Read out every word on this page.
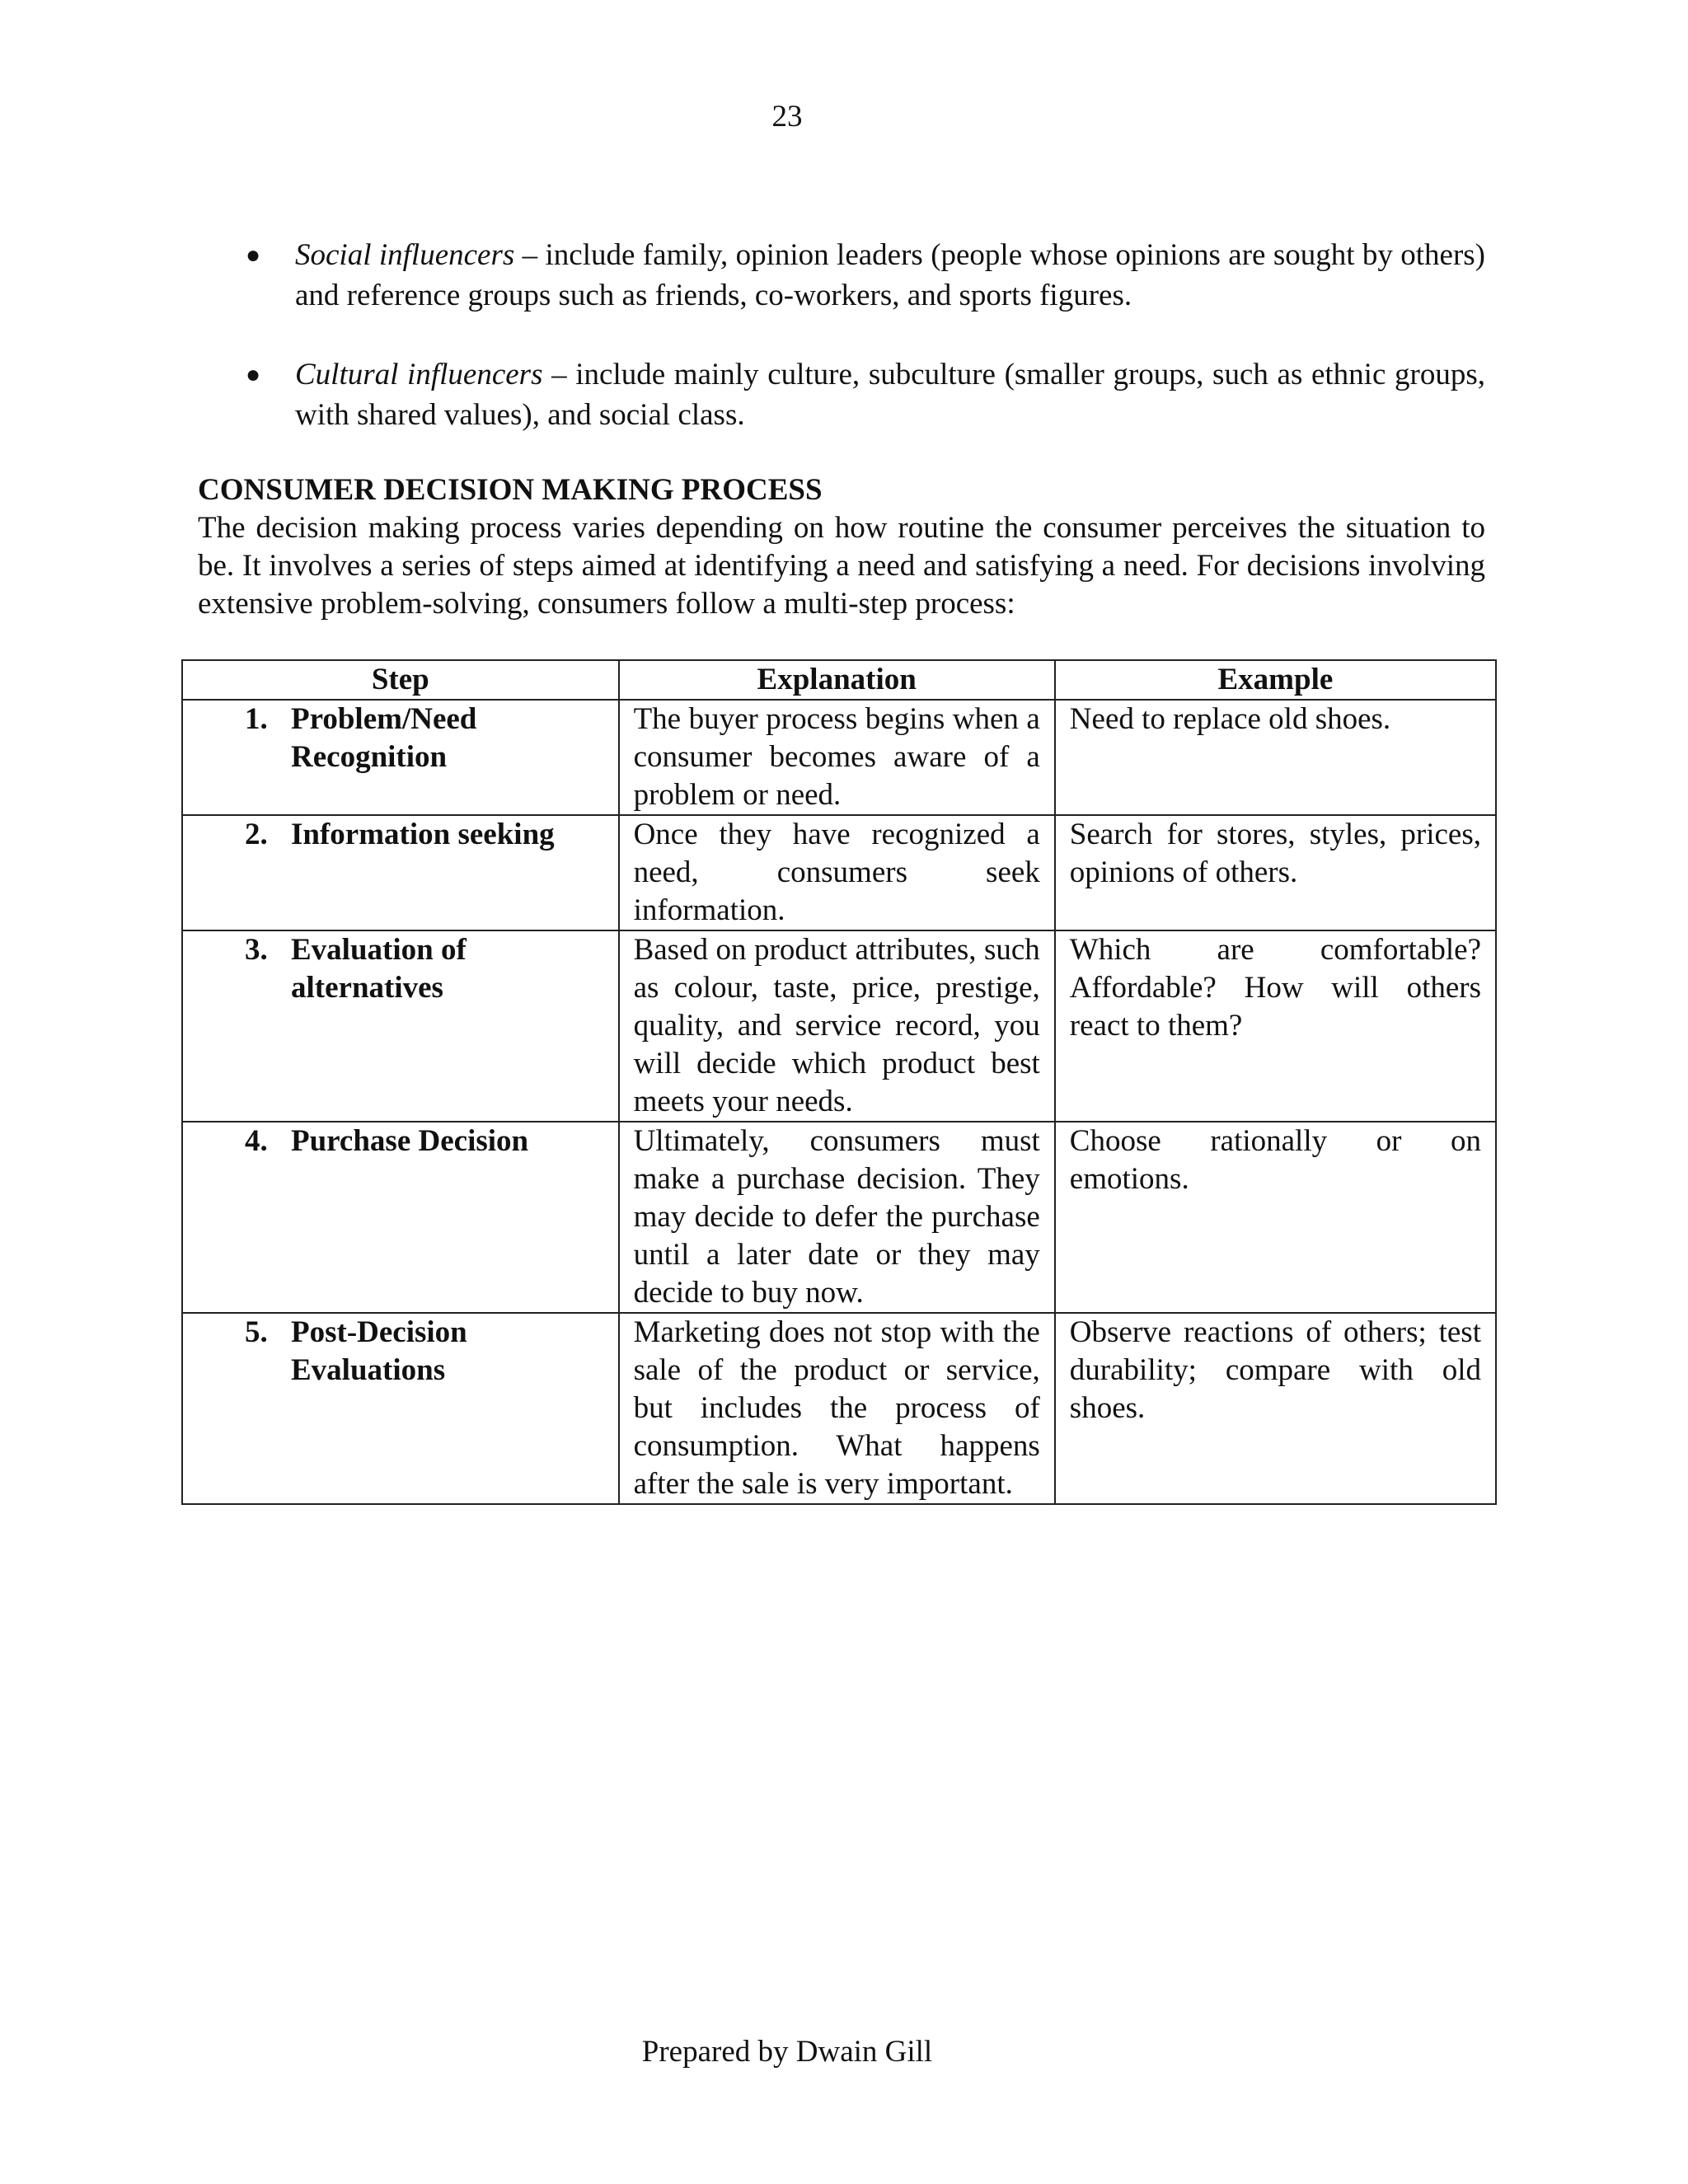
23
● Social influencers – include family, opinion leaders (people whose opinions are sought by others) and reference groups such as friends, co-workers, and sports figures.
● Cultural influencers – include mainly culture, subculture (smaller groups, such as ethnic groups, with shared values), and social class.
CONSUMER DECISION MAKING PROCESS
The decision making process varies depending on how routine the consumer perceives the situation to be. It involves a series of steps aimed at identifying a need and satisfying a need. For decisions involving extensive problem-solving, consumers follow a multi-step process:
Step	Explanation	Example

1. Problem/Need Recognition	The buyer process begins when a consumer becomes aware of a problem or need.	Need to replace old shoes.

2. Information seeking	Once they have recognized a need, consumers seek information.	Search for stores, styles, prices, opinions of others.

3. Evaluation of alternatives	Based on product attributes, such as colour, taste, price, prestige, quality, and service record, you will decide which product best meets your needs.	Which are comfortable? Affordable? How will others react to them?

4. Purchase Decision	Ultimately, consumers must make a purchase decision. They may decide to defer the purchase until a later date or they may decide to buy now.	Choose rationally or on emotions.

5. Post-Decision Evaluations	Marketing does not stop with the sale of the product or service, but includes the process of consumption. What happens after the sale is very important.	Observe reactions of others; test durability; compare with old shoes.
Prepared by Dwain Gill
